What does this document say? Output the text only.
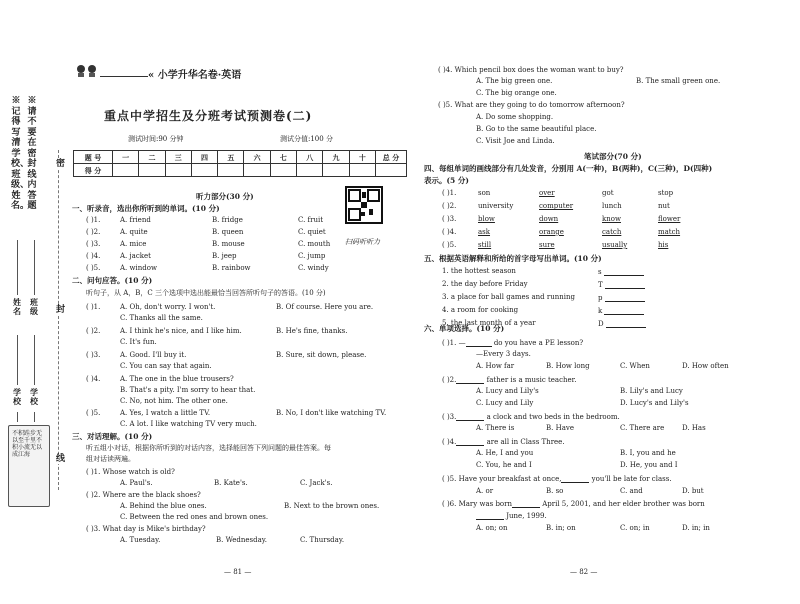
※请不要在密封线内答题
※记得写清学校、班级、姓名。
姓名
班级
学校
学校
不积跬步无以至千里不积小流无以成江海
密
封
线
« 小学升华名卷·英语
重点中学招生及分班考试预测卷(二)
测试时间:90 分钟	测试分值:100 分
题 号	一	二	三	四	五	六	七	八	九	十	总 分
得 分											
听力部分(30 分)
扫码听听力
一、听录音，选出你所听到的单词。(10 分)
( )1.	A. friend	B. fridge	C. fruit
( )2.	A. quite	B. queen	C. quiet
( )3.	A. mice	B. mouse	C. mouth
( )4.	A. jacket	B. jeep	C. jump
( )5.	A. window	B. rainbow	C. windy
二、问句应答。(10 分)
听句子，从 A，B，C 三个选项中选出能最恰当回答所听句子的答语。(10 分)
( )1.	A. Oh, don't worry. I won't.	B. Of course. Here you are.
C. Thanks all the same.
( )2.	A. I think he's nice, and I like him.	B. He's fine, thanks.
C. It's fun.
( )3.	A. Good. I'll buy it.	B. Sure, sit down, please.
C. You can say that again.
( )4.	A. The one in the blue trousers?
B. That's a pity. I'm sorry to hear that.
C. No, not him. The other one.
( )5.	A. Yes, I watch a little TV.	B. No, I don't like watching TV.
C. A lot. I like watching TV very much.
三、对话理解。(10 分)
听五组小对话，根据你所听到的对话内容，选择能回答下列问题的最佳答案。每
组对话读两遍。
( )1. Whose watch is old?
A. Paul's.	B. Kate's.	C. Jack's.
( )2. Where are the black shoes?
A. Behind the blue ones.	B. Next to the brown ones.
C. Between the red ones and brown ones.
( )3. What day is Mike's birthday?
A. Tuesday.	B. Wednesday.	C. Thursday.
— 81 —
( )4. Which pencil box does the woman want to buy?
A. The big green one.	B. The small green one.
C. The big orange one.
( )5. What are they going to do tomorrow afternoon?
A. Do some shopping.
B. Go to the same beautiful place.
C. Visit Joe and Linda.
笔试部分(70 分)
四、每组单词的画线部分有几处发音，分别用 A(一种)，B(两种)，C(三种)，D(四种)
表示。(5 分)
( )1.	son	over	got	stop
( )2.	university	computer	lunch	nut
( )3.	blow	down	know	flower
( )4.	ask	orange	catch	match
( )5.	still	sure	usually	his
五、根据英语解释和所给的首字母写出单词。(10 分)
1. the hottest season	s
2. the day before Friday	T
3. a place for ball games and running	p
4. a room for cooking	k
5. the last month of a year	D
六、单项选择。(10 分)
( )1. —	do you have a PE lesson?
—Every 3 days.
A. How far	B. How long	C. When	D. How often
( )2.	father is a music teacher.
A. Lucy and Lily's	B. Lily's and Lucy
C. Lucy and Lily	D. Lucy's and Lily's
( )3.	a clock and two beds in the bedroom.
A. There is	B. Have	C. There are	D. Has
( )4.	are all in Class Three.
A. He, I and you	B. I, you and he
C. You, he and I	D. He, you and I
( )5. Have your breakfast at once,	you'll be late for class.
A. or	B. so	C. and	D. but
( )6. Mary was born	April 5, 2001, and her elder brother was born
June, 1999.
A. on; on	B. in; on	C. on; in	D. in; in
— 82 —
